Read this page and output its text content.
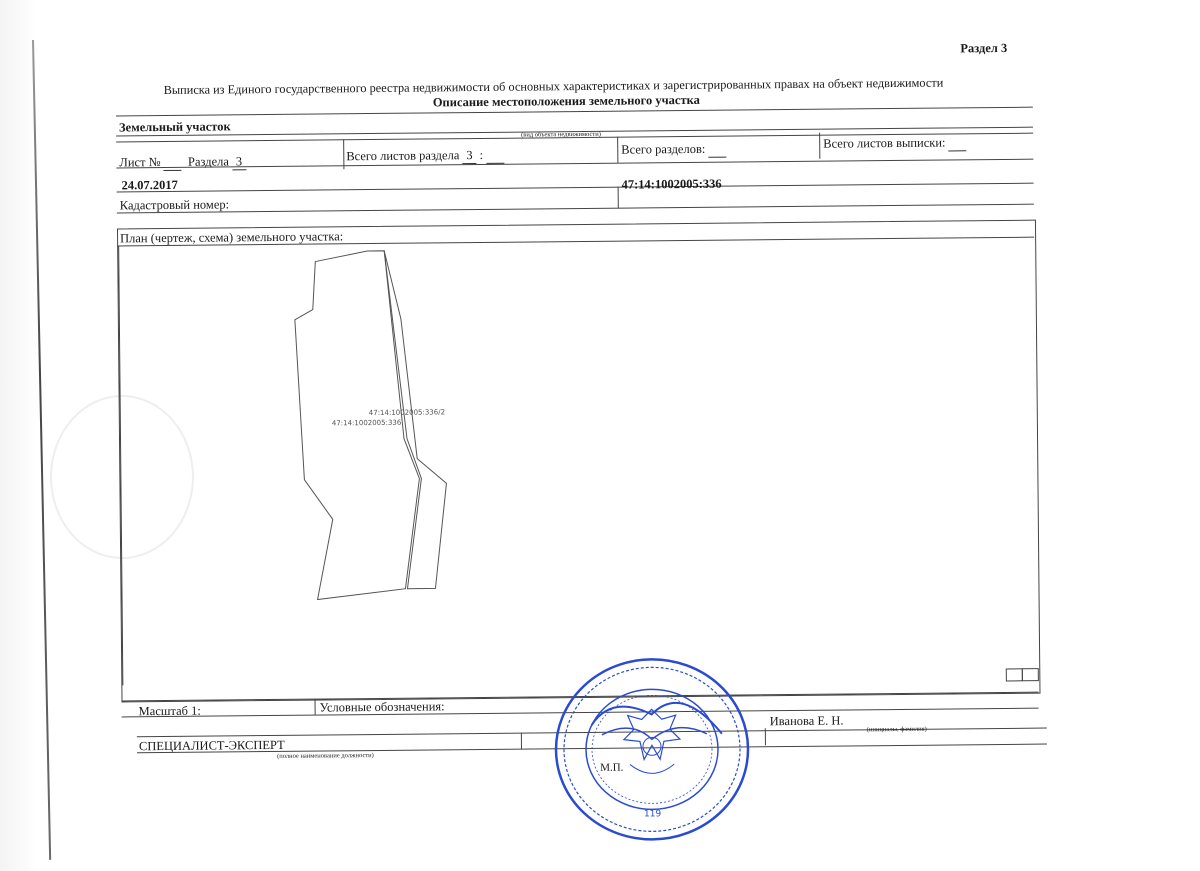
Раздел 3
Выписка из Единого государственного реестра недвижимости об основных характеристиках и зарегистрированных правах на объект недвижимости
Описание местоположения земельного участка
Земельный участок
(вид объекта недвижимости)
Лист № Раздела 3	Всего листов раздела 3 :	Всего разделов:	Всего листов выписки:
24.07.2017
Кадастровый номер:
47:14:1002005:336
План (чертеж, схема) земельного участка:
47:14:1002005:336/2
47:14:1002005:336
Масштаб 1:	Условные обозначения:
СПЕЦИАЛИСТ-ЭКСПЕРТ
Иванова Е. Н.
(полное наименование должности)
(инициалы, фамилия)
119
М.П.
